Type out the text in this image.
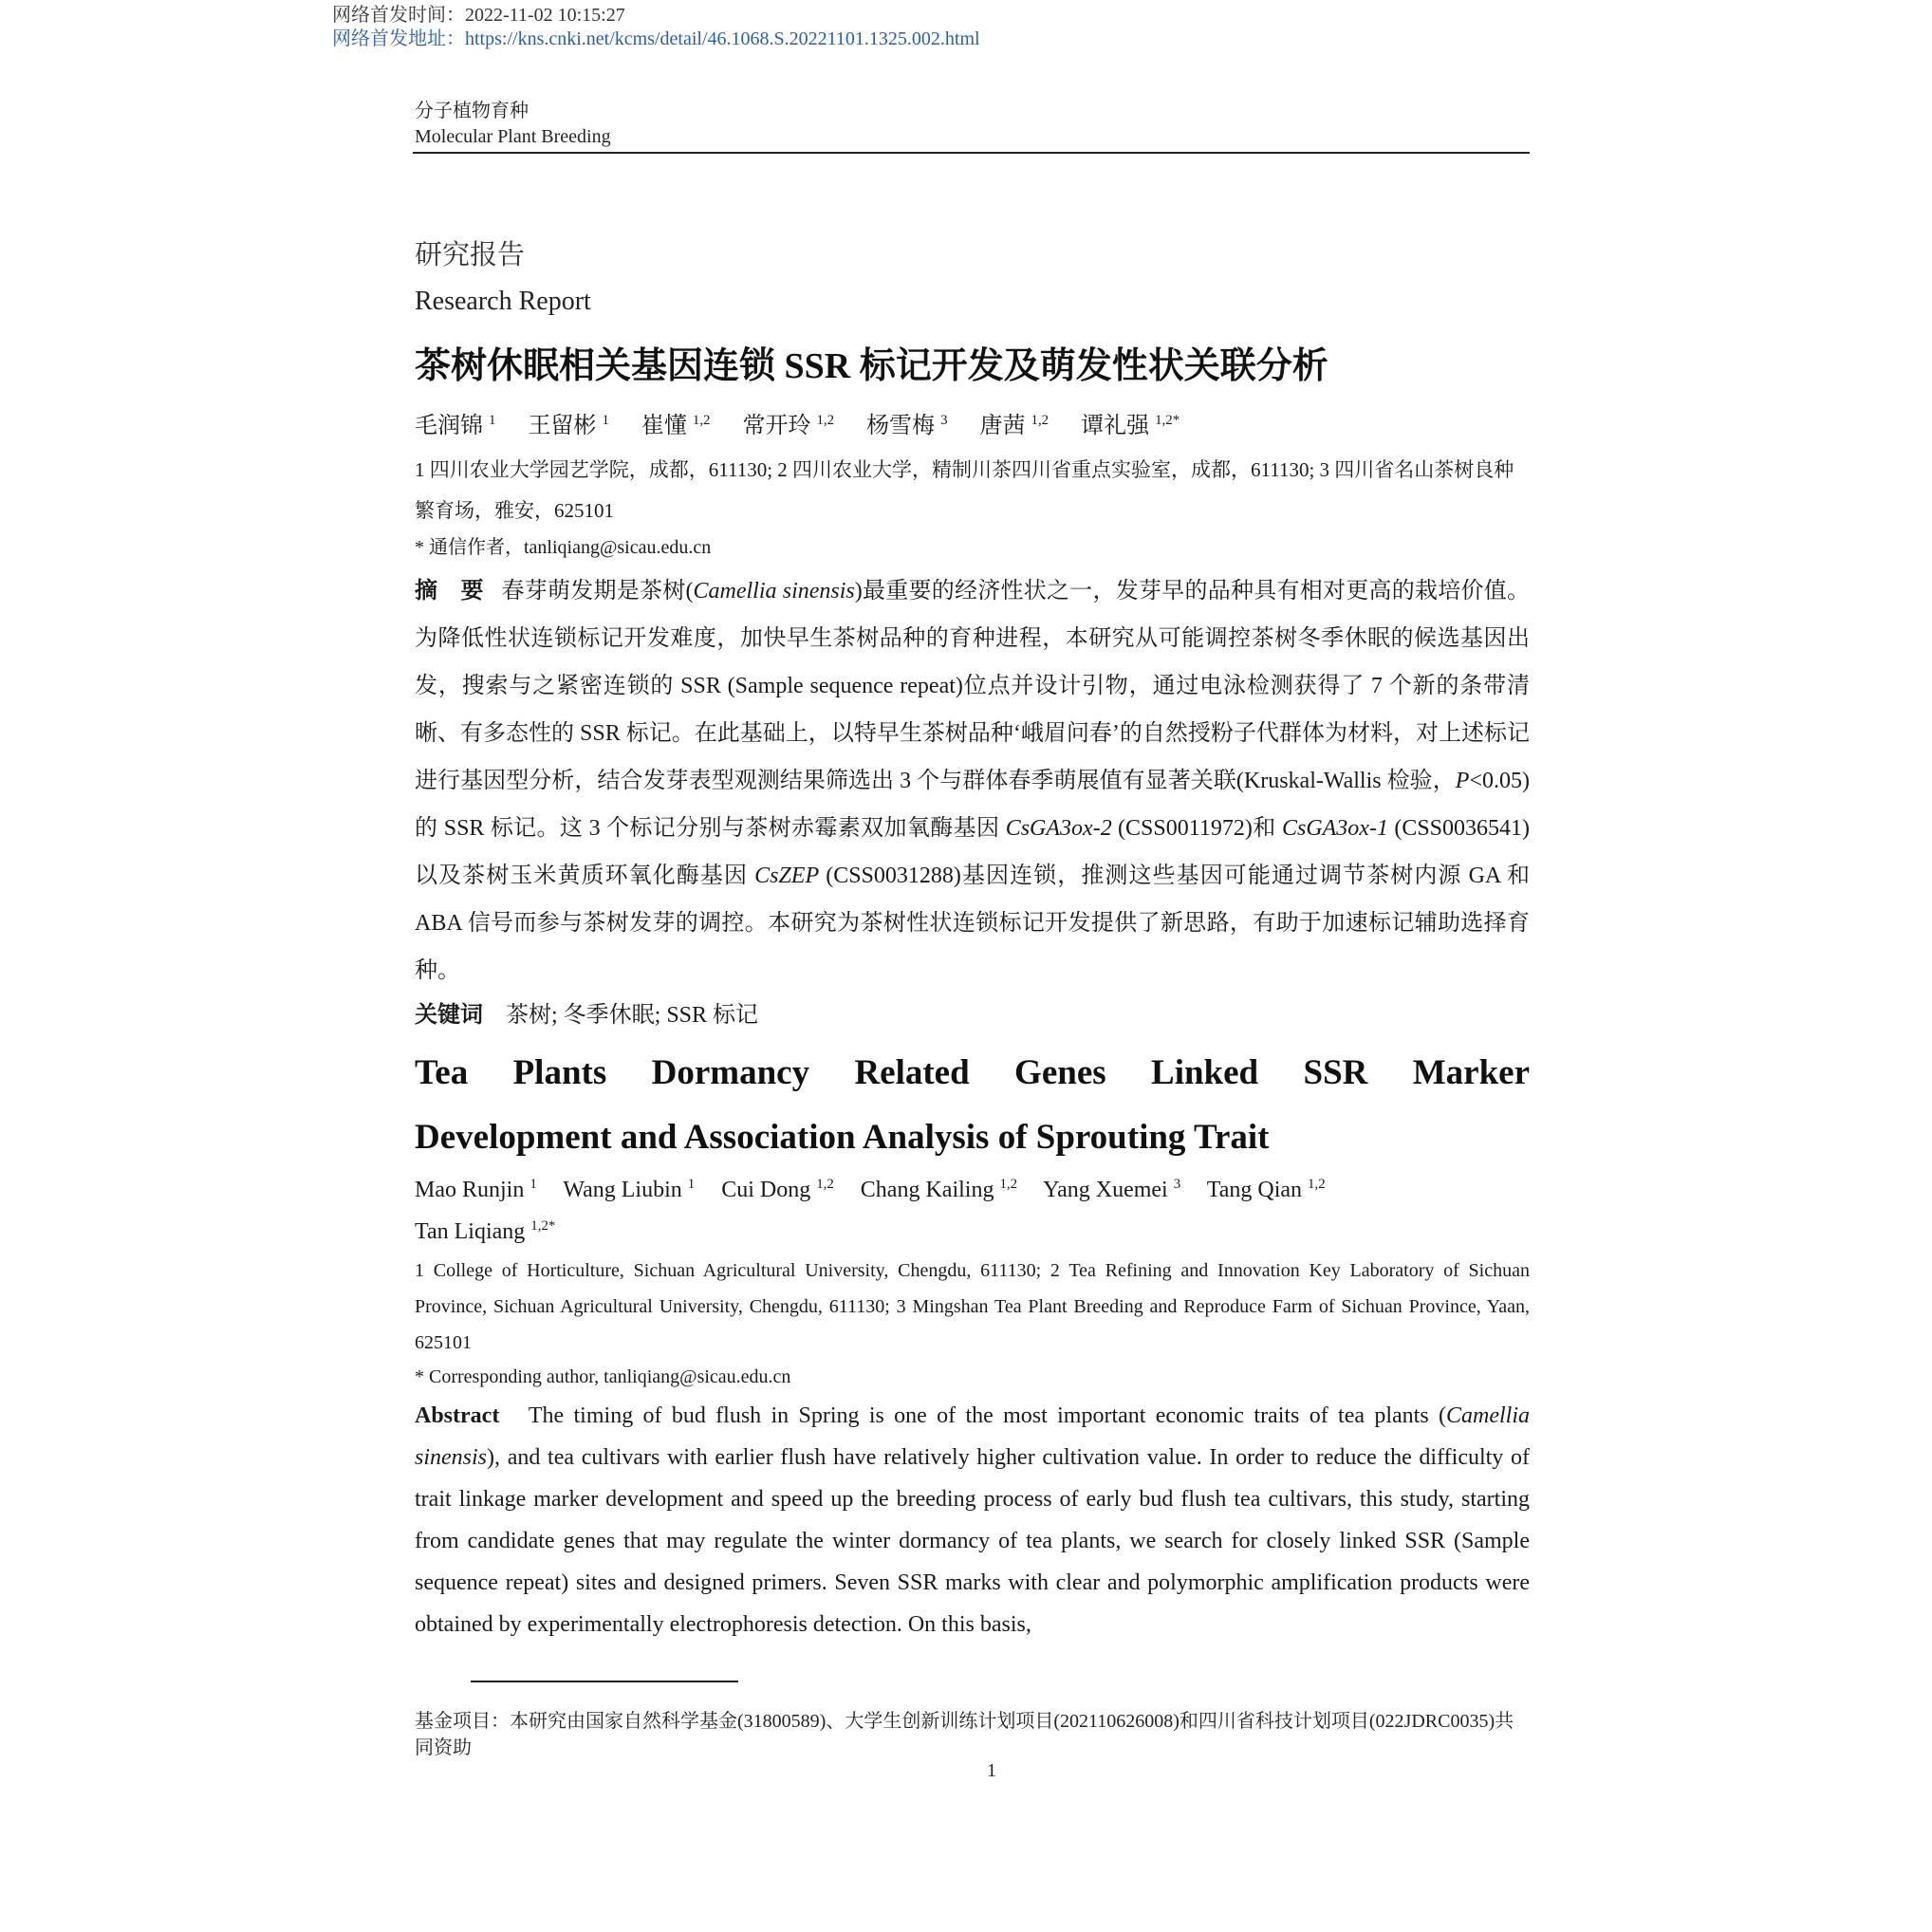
网络首发时间：2022-11-02 10:15:27
网络首发地址：https://kns.cnki.net/kcms/detail/46.1068.S.20221101.1325.002.html
分子植物育种
Molecular Plant Breeding
研究报告
Research Report
茶树休眠相关基因连锁 SSR 标记开发及萌发性状关联分析
毛润锦 $^1$ 王留彬 $^1$ 崔懂 $^{1,2}$ 常开玲 $^{1,2}$ 杨雪梅 $^3$ 唐茜 $^{1,2}$ 谭礼强 $^{1,2*}$
1 四川农业大学园艺学院，成都，611130; 2 四川农业大学，精制川茶四川省重点实验室，成都，611130; 3 四川省名山茶树良种繁育场，雅安，625101
* 通信作者，tanliqiang@sicau.edu.cn
摘　要 春芽萌发期是茶树(Camellia sinensis)最重要的经济性状之一，发芽早的品种具有相对更高的栽培价值。为降低性状连锁标记开发难度，加快早生茶树品种的育种进程，本研究从可能调控茶树冬季休眠的候选基因出发，搜索与之紧密连锁的 SSR (Sample sequence repeat)位点并设计引物，通过电泳检测获得了 7 个新的条带清晰、有多态性的 SSR 标记。在此基础上，以特早生茶树品种‘峨眉问春’的自然授粉子代群体为材料，对上述标记进行基因型分析，结合发芽表型观测结果筛选出 3 个与群体春季萌展值有显著关联(Kruskal-Wallis 检验，P<0.05)的 SSR 标记。这 3 个标记分别与茶树赤霉素双加氧酶基因 CsGA3ox-2 (CSS0011972)和 CsGA3ox-1 (CSS0036541)以及茶树玉米黄质环氧化酶基因 CsZEP (CSS0031288)基因连锁，推测这些基因可能通过调节茶树内源 GA 和 ABA 信号而参与茶树发芽的调控。本研究为茶树性状连锁标记开发提供了新思路，有助于加速标记辅助选择育种。
关键词 茶树; 冬季休眠; SSR 标记
Tea Plants Dormancy Related Genes Linked SSR Marker
Development and Association Analysis of Sprouting Trait
Mao Runjin $^1$ Wang Liubin $^1$ Cui Dong $^{1,2}$ Chang Kailing $^{1,2}$ Yang Xuemei $^3$ Tang Qian $^{1,2}$
Tan Liqiang $^{1,2*}$
1 College of Horticulture, Sichuan Agricultural University, Chengdu, 611130; 2 Tea Refining and Innovation Key Laboratory of Sichuan Province, Sichuan Agricultural University, Chengdu, 611130; 3 Mingshan Tea Plant Breeding and Reproduce Farm of Sichuan Province, Yaan, 625101
* Corresponding author, tanliqiang@sicau.edu.cn
Abstract The timing of bud flush in Spring is one of the most important economic traits of tea plants (Camellia sinensis), and tea cultivars with earlier flush have relatively higher cultivation value. In order to reduce the difficulty of trait linkage marker development and speed up the breeding process of early bud flush tea cultivars, this study, starting from candidate genes that may regulate the winter dormancy of tea plants, we search for closely linked SSR (Sample sequence repeat) sites and designed primers. Seven SSR marks with clear and polymorphic amplification products were obtained by experimentally electrophoresis detection. On this basis,
基金项目：本研究由国家自然科学基金(31800589)、大学生创新训练计划项目(202110626008)和四川省科技计划项目(022JDRC0035)共同资助
1
